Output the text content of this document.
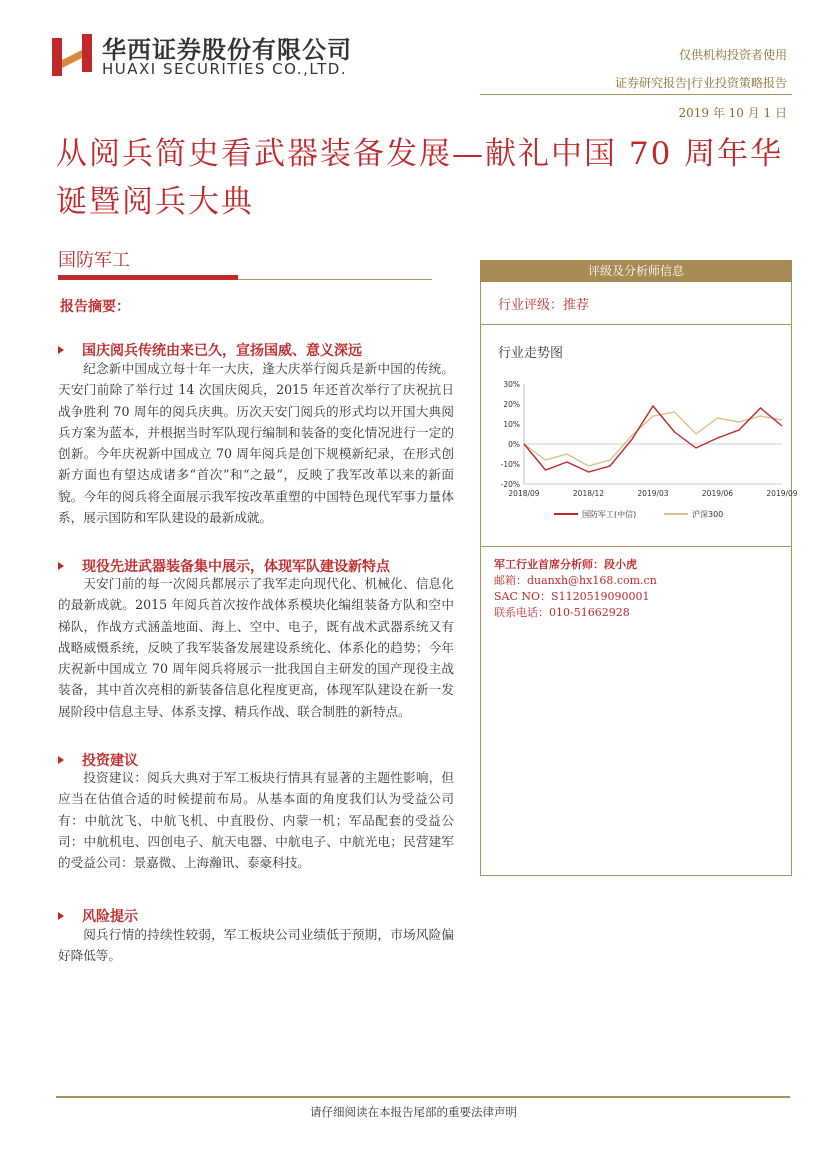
华西证券股份有限公司
HUAXI SECURITIES CO.,LTD.
仅供机构投资者使用
证券研究报告|行业投资策略报告
2019 年 10 月 1 日
从阅兵简史看武器装备发展—献礼中国 70 周年华诞暨阅兵大典
国防军工
报告摘要：
国庆阅兵传统由来已久，宣扬国威、意义深远
纪念新中国成立每十年一大庆，逢大庆举行阅兵是新中国的传统。天安门前除了举行过 14 次国庆阅兵，2015 年还首次举行了庆祝抗日战争胜利 70 周年的阅兵庆典。历次天安门阅兵的形式均以开国大典阅兵方案为蓝本，并根据当时军队现行编制和装备的变化情况进行一定的创新。今年庆祝新中国成立 70 周年阅兵是创下规模新纪录，在形式创新方面也有望达成诸多“首次”和“之最”，反映了我军改革以来的新面貌。今年的阅兵将全面展示我军按改革重塑的中国特色现代军事力量体系，展示国防和军队建设的最新成就。
现役先进武器装备集中展示，体现军队建设新特点
天安门前的每一次阅兵都展示了我军走向现代化、机械化、信息化的最新成就。2015 年阅兵首次按作战体系模块化编组装备方队和空中梯队，作战方式涵盖地面、海上、空中、电子，既有战术武器系统又有战略威慑系统，反映了我军装备发展建设系统化、体系化的趋势；今年庆祝新中国成立 70 周年阅兵将展示一批我国自主研发的国产现役主战装备，其中首次亮相的新装备信息化程度更高，体现军队建设在新一发展阶段中信息主导、体系支撑、精兵作战、联合制胜的新特点。
投资建议
投资建议：阅兵大典对于军工板块行情具有显著的主题性影响，但应当在估值合适的时候提前布局。从基本面的角度我们认为受益公司有：中航沈飞、中航飞机、中直股份、内蒙一机；军品配套的受益公司：中航机电、四创电子、航天电器、中航电子、中航光电；民营建军的受益公司：景嘉微、上海瀚讯、泰豪科技。
风险提示
阅兵行情的持续性较弱，军工板块公司业绩低于预期，市场风险偏好降低等。
评级及分析师信息
行业评级：推荐
行业走势图
30%
20%
10%
0%
-10%
-20%
2018/09	2018/12	2019/03	2019/06	2019/09
国防军工(中信)	沪深300
军工行业首席分析师：段小虎
邮箱：duanxh@hx168.com.cn
SAC NO：S1120519090001
联系电话：010-51662928
请仔细阅读在本报告尾部的重要法律声明
